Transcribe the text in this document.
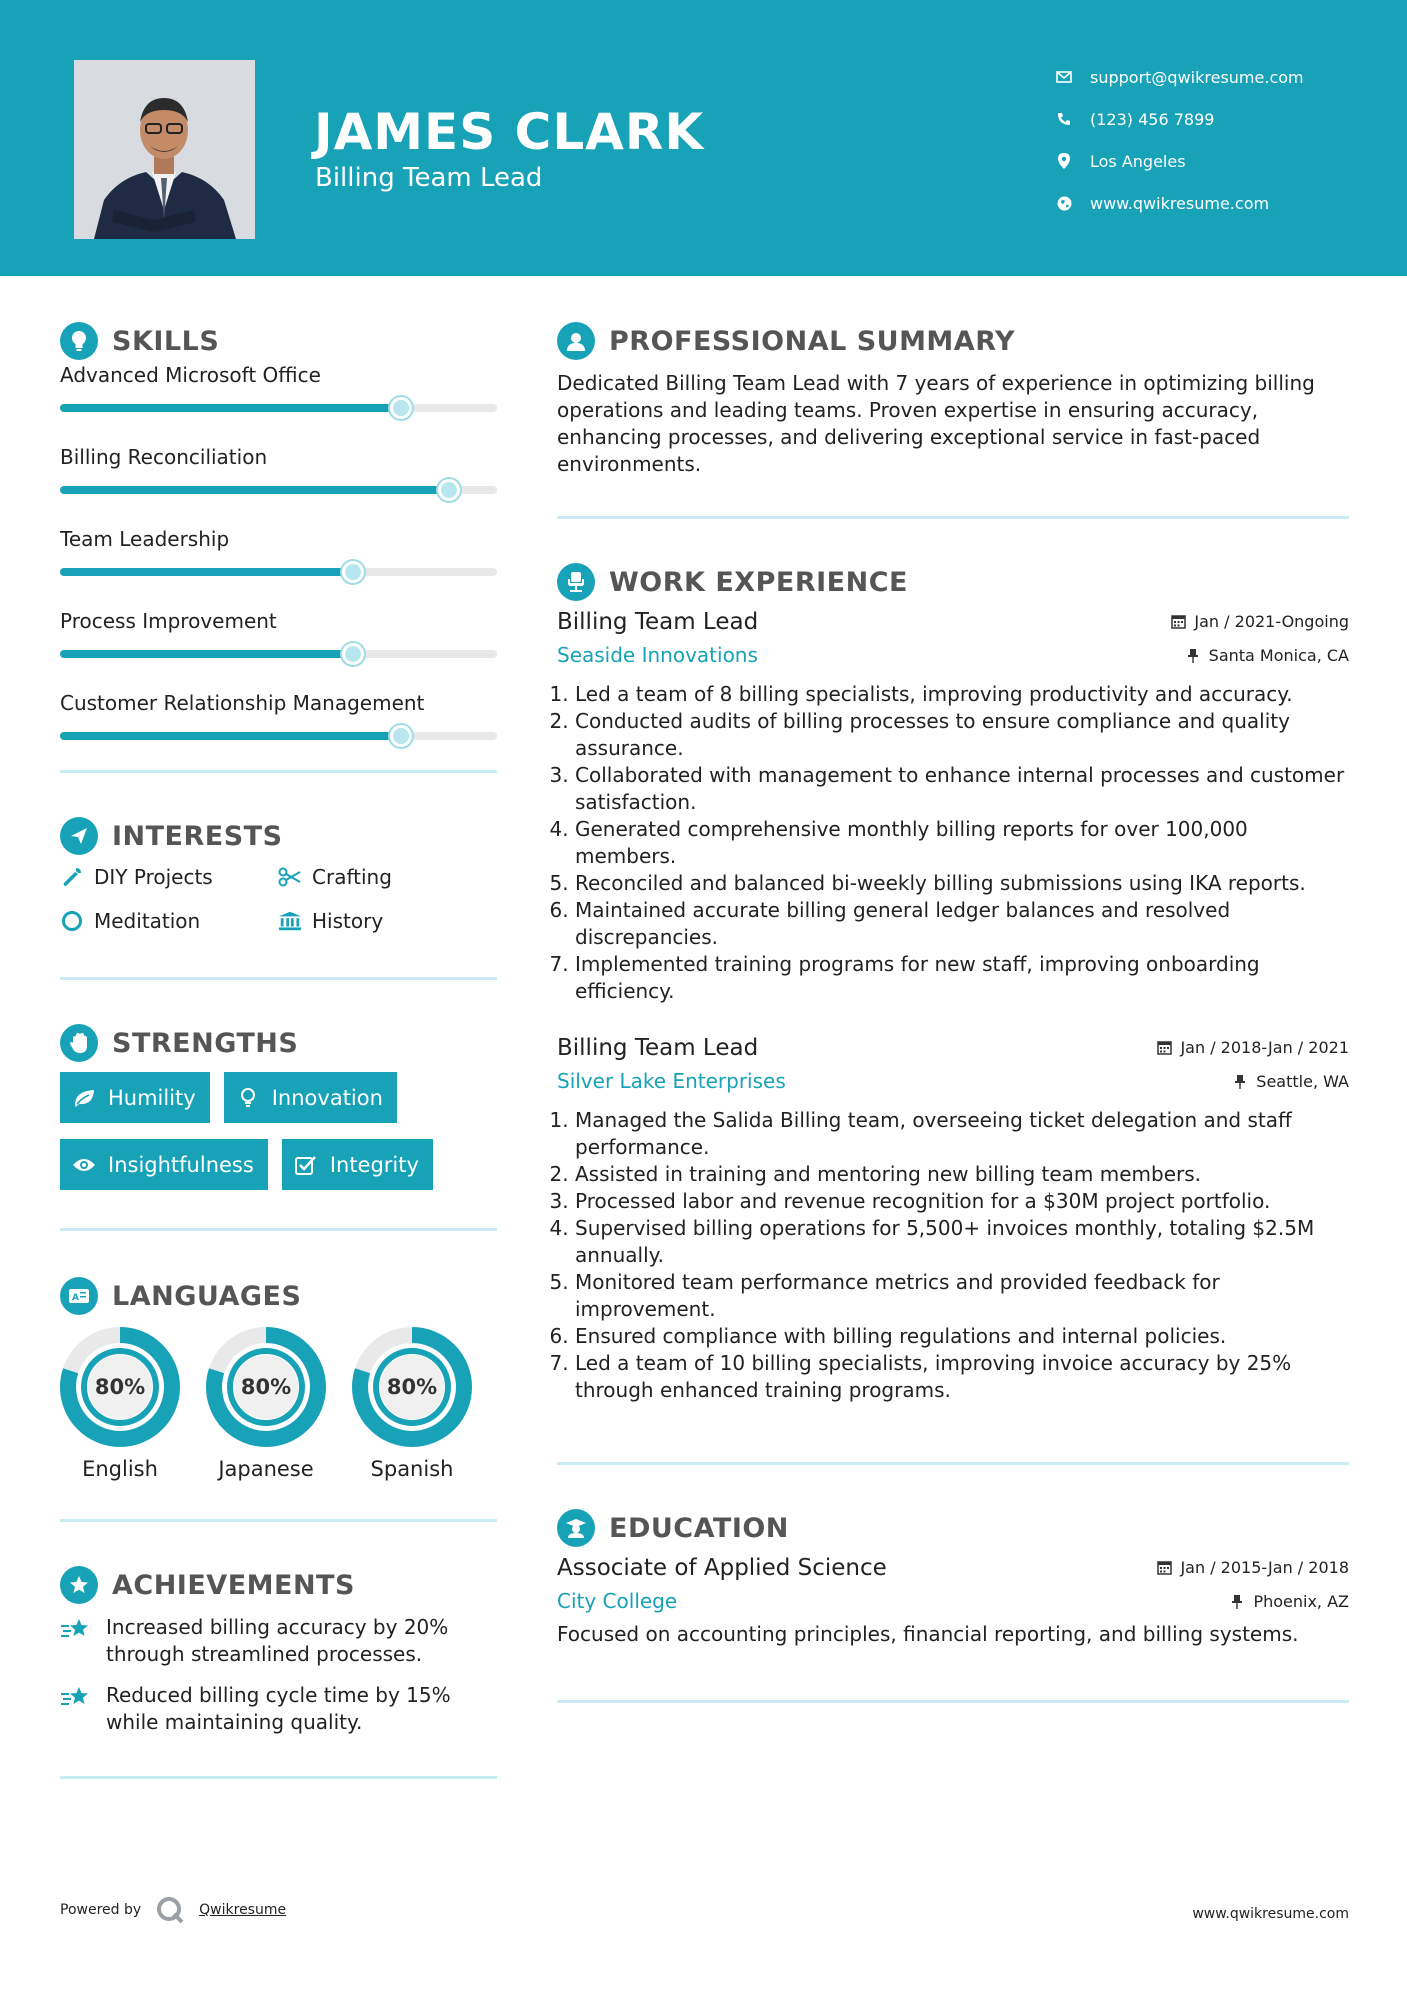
JAMES CLARK
Billing Team Lead
support@qwikresume.com
(123) 456 7899
Los Angeles
www.qwikresume.com
SKILLS
Advanced Microsoft Office
Billing Reconciliation
Team Leadership
Process Improvement
Customer Relationship Management
INTERESTS
DIY Projects	Crafting
Meditation	History
STRENGTHS
Humility	Innovation
Insightfulness	Integrity
A LANGUAGES
80%
English
80%
Japanese
80%
Spanish
ACHIEVEMENTS
Increased billing accuracy by 20% through streamlined processes.
Reduced billing cycle time by 15% while maintaining quality.
PROFESSIONAL SUMMARY
Dedicated Billing Team Lead with 7 years of experience in optimizing billing operations and leading teams. Proven expertise in ensuring accuracy, enhancing processes, and delivering exceptional service in fast-paced environments.
WORK EXPERIENCE
Billing Team Lead	Jan / 2021-Ongoing
Seaside Innovations	Santa Monica, CA
1. Led a team of 8 billing specialists, improving productivity and accuracy.
2. Conducted audits of billing processes to ensure compliance and quality assurance.
3. Collaborated with management to enhance internal processes and customer satisfaction.
4. Generated comprehensive monthly billing reports for over 100,000 members.
5. Reconciled and balanced bi-weekly billing submissions using IKA reports.
6. Maintained accurate billing general ledger balances and resolved discrepancies.
7. Implemented training programs for new staff, improving onboarding efficiency.
Billing Team Lead	Jan / 2018-Jan / 2021
Silver Lake Enterprises	Seattle, WA
1. Managed the Salida Billing team, overseeing ticket delegation and staff performance.
2. Assisted in training and mentoring new billing team members.
3. Processed labor and revenue recognition for a $30M project portfolio.
4. Supervised billing operations for 5,500+ invoices monthly, totaling $2.5M annually.
5. Monitored team performance metrics and provided feedback for improvement.
6. Ensured compliance with billing regulations and internal policies.
7. Led a team of 10 billing specialists, improving invoice accuracy by 25% through enhanced training programs.
EDUCATION
Associate of Applied Science	Jan / 2015-Jan / 2018
City College	Phoenix, AZ
Focused on accounting principles, financial reporting, and billing systems.
Powered by	Qwikresume	www.qwikresume.com
